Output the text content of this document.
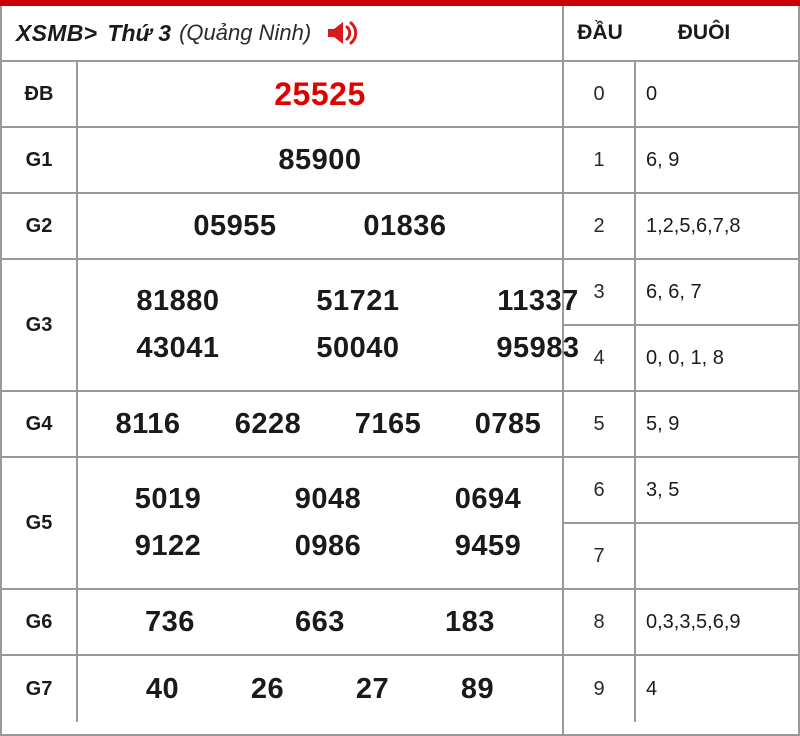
XSMB> Thứ 3 (Quảng Ninh)
ĐB	25525
G1	85900
G2	05955	01836
G3
81880	51721	11337
43041	50040	95983
G4	8116	6228	7165	0785
G5
5019	9048	0694
9122	0986	9459
G6	736	663	183
G7	40	26	27	89
ĐẦU	ĐUÔI
0	0
1	6, 9
2	1,2,5,6,7,8
3	6, 6, 7
4	0, 0, 1, 8
5	5, 9
6	3, 5
7
8	0,3,3,5,6,9
9	4
